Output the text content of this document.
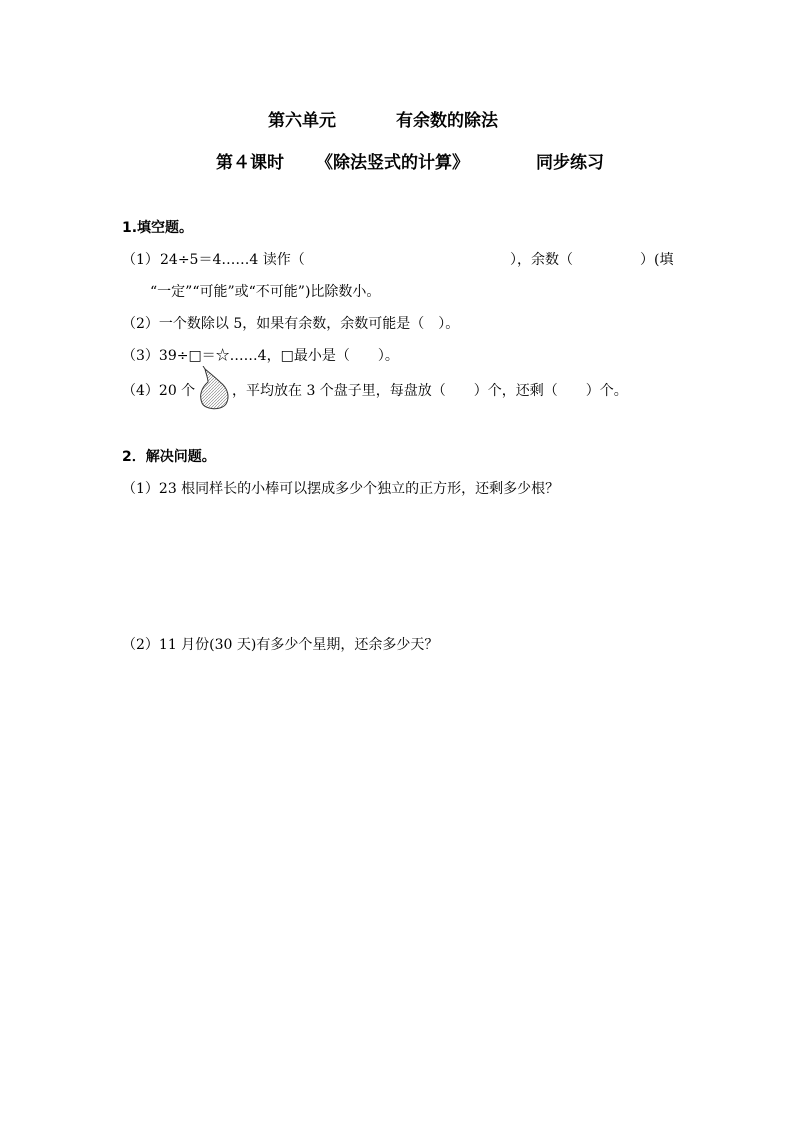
第六单元	有余数的除法
第４课时 《除法竖式的计算》	同步练习
1.填空题。
（1） 24÷5＝4……4 读作（	），余数（	）(填
“一定”“可能”或“不可能”)比除数小。
（2）一个数除以 5，如果有余数，余数可能是（　）。
（3）39÷□＝☆……4，□最小是（　　）。
（4）20 个	，平均放在 3 个盘子里，每盘放（　　）个，还剩（　　）个。
2．解决问题。
（1）23 根同样长的小棒可以摆成多少个独立的正方形，还剩多少根？
（2）11 月份(30 天)有多少个星期，还余多少天？
